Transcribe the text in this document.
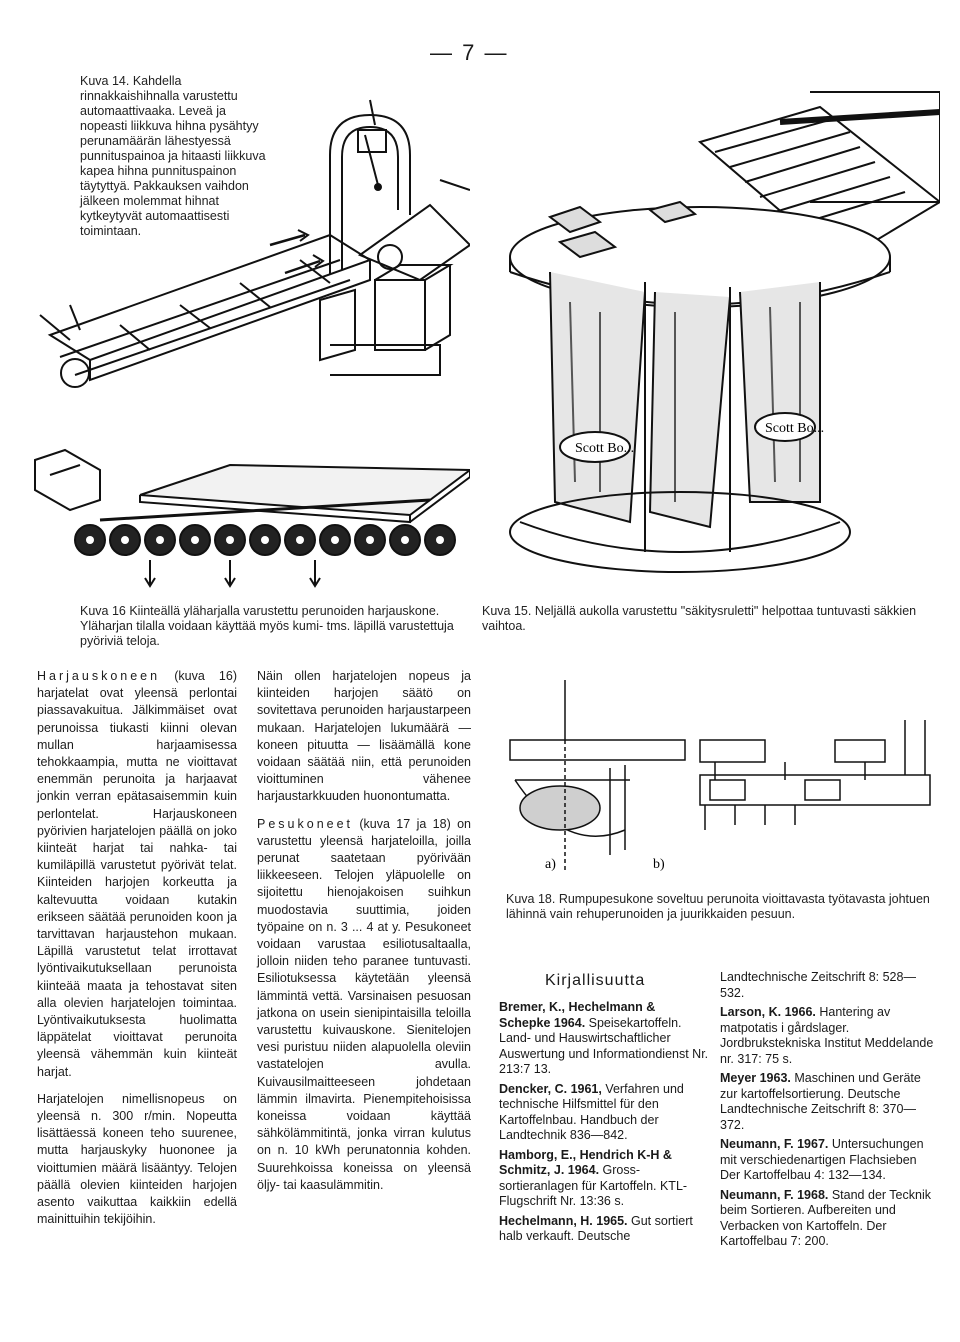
— 7 —
Kuva 14. Kahdella rinnakkaishihnalla varustettu automaattivaaka. Leveä ja nopeasti liikkuva hihna pysähtyy perunamäärän lähestyessä punnituspainoa ja hitaasti liikkuva kapea hihna punnituspainon täytyttyä. Pakkauksen vaihdon jälkeen molemmat hihnat kytkeytyvät automaattisesti toimintaan.
Kuva 16 Kiinteällä yläharjalla varustettu perunoiden harjauskone. Yläharjan tilalla voidaan käyttää myös kumi- tms. läpillä varustettuja pyöriviä teloja.
Scott Bo...
Scott Bo...
Kuva 15. Neljällä aukolla varustettu "säkitysruletti" helpottaa tuntuvasti säkkien vaihtoa.

Harjauskoneen (kuva 16) harjatelat ovat yleensä perlontai piassavakuitua. Jälkimmäiset ovat perunoissa tiukasti kiinni olevan mullan harjaamisessa tehokkaampia, mutta ne vioittavat enemmän perunoita ja harjaavat jonkin verran epätasaisemmin kuin perlontelat. Harjauskoneen pyörivien harjatelojen päällä on joko kiinteät harjat tai nahka- tai kumiläpillä varustetut pyörivät telat. Kiinteiden harjojen korkeutta ja kaltevuutta voidaan kutakin erikseen säätää perunoiden koon ja tarvittavan harjaustehon mukaan. Läpillä varustetut telat irrottavat lyöntivaikutuksellaan perunoista kiinteää maata ja tehostavat siten alla olevien harjatelojen toimintaa. Lyöntivaikutuksesta huolimatta läppätelat vioittavat perunoita yleensä vähemmän kuin kiinteät harjat.

Harjatelojen nimellisnopeus on yleensä n. 300 r/min. Nopeutta lisättäessä koneen teho suurenee, mutta harjauskyky huononee ja vioittumien määrä lisääntyy. Telojen päällä olevien kiinteiden harjojen asento vaikuttaa kaikkiin edellä mainittuihin tekijöihin.

Näin ollen harjatelojen nopeus ja kiinteiden harjojen säätö on sovitettava perunoiden harjaustarpeen mukaan. Harjatelojen lukumäärä — koneen pituutta — lisäämällä kone voidaan säätää niin, että perunoiden vioittuminen vähenee harjaustarkkuuden huonontumatta.

Pesukoneet (kuva 17 ja 18) on varustettu yleensä harjateloilla, joilla perunat saatetaan pyörivään liikkeeseen. Telojen yläpuolelle on sijoitettu hienojakoisen suihkun muodostavia suuttimia, joiden työpaine on n. 3 ... 4 at y. Pesukoneet voidaan varustaa esiliotusaltaalla, jolloin niiden teho paranee tuntuvasti. Esiliotuksessa käytetään yleensä lämmintä vettä. Varsinaisen pesuosan jatkona on usein sienipintaisilla teloilla varustettu kuivauskone. Sienitelojen vesi puristuu niiden alapuolella oleviin vastatelojen avulla. Kuivausilmaitteeseen johdetaan lämmin ilmavirta. Pienempitehoisissa koneissa voidaan käyttää sähkölämmitintä, jonka virran kulutus on n. 10 kWh perunatonnia kohden. Suurehkoissa koneissa on yleensä öljy- tai kaasulämmitin.

a)	b)
Kuva 18. Rumpupesukone soveltuu perunoita vioittavasta työtavasta johtuen lähinnä vain rehuperunoiden ja juurikkaiden pesuun.
Kirjallisuutta

Bremer, K., Hechelmann & Schepke 1964. Speisekartoffeln. Land- und Hauswirtschaftlicher Auswertung und Informationdienst Nr. 213:7 13.

Dencker, C. 1961, Verfahren und technische Hilfsmittel für den Kartoffelnbau. Handbuch der Landtechnik 836—842.

Hamborg, E., Hendrich K-H & Schmitz, J. 1964. Gross-sortieranlagen für Kartoffeln. KTL-Flugschrift Nr. 13:36 s.

Hechelmann, H. 1965. Gut sortiert halb verkauft. Deutsche

Landtechnische Zeitschrift 8: 528—532.

Larson, K. 1966. Hantering av matpotatis i gårdslager. Jordbrukstekniska Institut Meddelande nr. 317: 75 s.

Meyer 1963. Maschinen und Geräte zur kartoffelsortierung. Deutsche Landtechnische Zeitschrift 8: 370—372.

Neumann, F. 1967. Untersuchungen mit verschiedenartigen Flachsieben Der Kartoffelbau 4: 132—134.

Neumann, F. 1968. Stand der Tecknik beim Sortieren. Aufbereiten und Verbacken von Kartoffeln. Der Kartoffelbau 7: 200.
